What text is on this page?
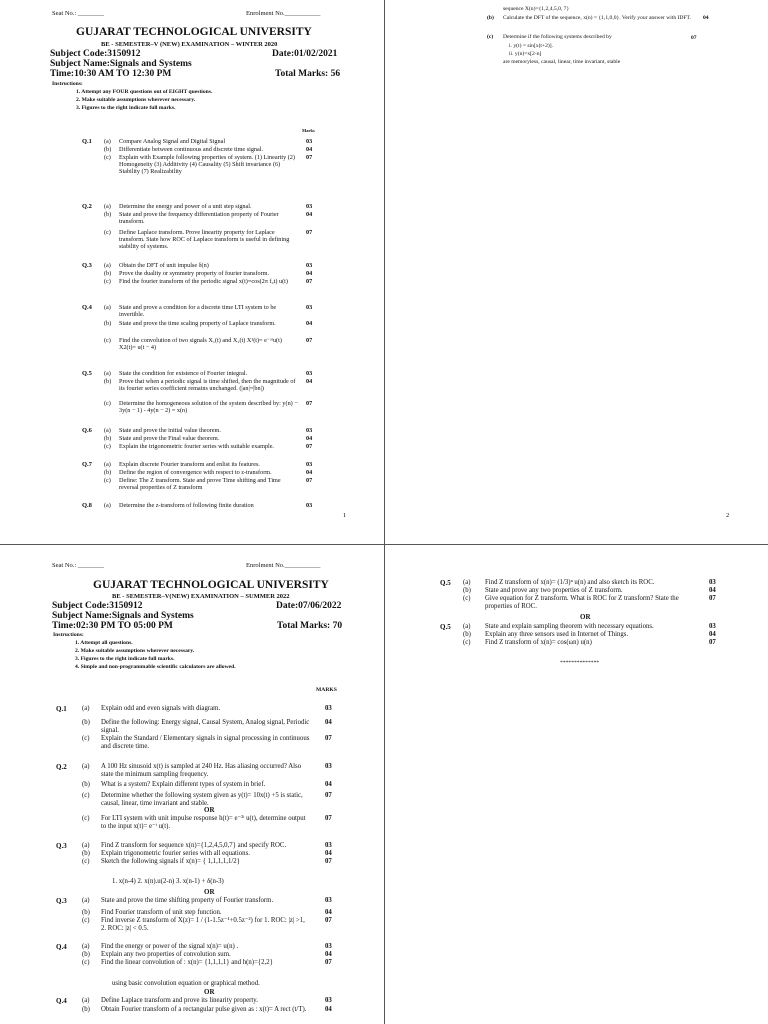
Seat No.: ________	Enrolment No.___________
GUJARAT TECHNOLOGICAL UNIVERSITY
BE - SEMESTER–V (NEW) EXAMINATION – WINTER 2020
Subject Code:3150912	Date:01/02/2021
Subject Name:Signals and Systems
Time:10:30 AM TO 12:30 PM	Total Marks: 56
Instructions:
1. Attempt any FOUR questions out of EIGHT questions.
2. Make suitable assumptions wherever necessary.
3. Figures to the right indicate full marks.
Marks
Q.1 (a) Compare Analog Signal and Digital Signal	03
(b) Differentiate between continuous and discrete time signal.	04
(c) Explain with Example following properties of system. (1) Linearity (2) Homogeneity (3) Additivity (4) Causality (5) Shift invariance (6) Stability (7) Realizability
07
Q.2 (a) Determine the energy and power of a unit step signal.	03
(b) State and prove the frequency differentiation property of Fourier transform.
04
(c) Define Laplace transform. Prove linearity property for Laplace transform. State how ROC of Laplace transform is useful in defining stability of systems.
07
Q.3 (a) Obtain the DFT of unit impulse δ(n)	03
(b) Prove the duality or symmetry property of fourier transform.	04
(c) Find the fourier transform of the periodic signal x(t)=cos(2π f₀t) u(t)	07
Q.4 (a) State and prove a condition for a discrete time LTI system to be invertible.
03
(b) State and prove the time scaling property of Laplace transform.	04
(c) Find the convolution of two signals X₁(t) and X₂(t) X¹(t)= e⁻ᵃᵗu(t) X2(t)= u(t − 4)
07
Q.5 (a) State the condition for existence of Fourier integral.	03
(b) Prove that when a periodic signal is time shifted, then the magnitude of its fourier series coefficient remains unchanged. (|an|=|bn|)
04
(c) Determine the homogeneous solution of the system described by: y(n) − 3y(n − 1) - 4y(n − 2) = x(n)
07
Q.6 (a) State and prove the initial value theorem.	03
(b) State and prove the Final value theorem.	04
(c) Explain the trigonometric fourier series with suitable example.	07
Q.7 (a) Explain discrete Fourier transform and enlist its features.	03
(b) Define the region of convergence with respect to z-transform.	04
(c) Define: The Z transform. State and prove Time shifting and Time reversal properties of Z transform
07
Q.8 (a) Determine the z-transform of following finite duration	03
1
sequence X(n)={1,2,4,5,0, 7}
(b) Calculate the DFT of the sequence, x(n) = {1,1,0,0}. Verify your answer with IDFT.	04
(c) Determine if the following systems described by	07
i. y(t) = sin[x(t+2)].
ii. y(n)=x[2-n]
are memoryless, causal, linear, time invariant, stable
2
Seat No.: ________	Enrolment No.___________
GUJARAT TECHNOLOGICAL UNIVERSITY
BE - SEMESTER–V(NEW) EXAMINATION – SUMMER 2022
Subject Code:3150912	Date:07/06/2022
Subject Name:Signals and Systems
Time:02:30 PM TO 05:00 PM	Total Marks: 70
Instructions:
1. Attempt all questions.
2. Make suitable assumptions wherever necessary.
3. Figures to the right indicate full marks.
4. Simple and non-programmable scientific calculators are allowed.
MARKS
Q.1 (a) Explain odd and even signals with diagram.	03
(b) Define the following: Energy signal, Causal System, Analog signal, Periodic signal.
04
(c) Explain the Standard / Elementary signals in signal processing in continuous and discrete time.
07
Q.2 (a) A 100 Hz sinusoid x(t) is sampled at 240 Hz. Has aliasing occurred? Also state the minimum sampling frequency.
03
(b) What is a system? Explain different types of system in brief.	04
(c) Determine whether the following system given as y(t)= 10x(t) +5 is static, causal, linear, time invariant and stable.
07
OR
(c) For LTI system with unit impulse response h(t)= e⁻²ᵗ u(t), determine output to the input x(t)= e⁻ᵗ u(t).
07
Q.3 (a) Find Z transform for sequence x(n)={1,2,4,5,0,7} and specify ROC.	03
(b) Explain trigonometric fourier series with all equations.	04
(c) Sketch the following signals if x(n)= { 1,1,1,1,1/2}	07
1. x(n-4) 2. x(n).u(2-n) 3. x(n-1) + δ(n-3)
OR
Q.3 (a) State and prove the time shifting property of Fourier transform.	03
(b) Find Fourier transform of unit step function.	04
(c) Find inverse Z transform of X(z)= 1 / (1-1.5z⁻¹+0.5z⁻²) for 1. ROC: |z| >1, 2. ROC: |z| < 0.5.
07
Q.4 (a) Find the energy or power of the signal x(n)= u(n) .	03
(b) Explain any two properties of convolution sum.	04
(c) Find the linear convolution of : x(n)= {1,1,1,1} and h(n)={2,2}	07
using basic convolution equation or graphical method.
OR
Q.4 (a) Define Laplace transform and prove its linearity property.	03
(b) Obtain Fourier transform of a rectangular pulse given as : x(t)= A rect (t/T).	04
Q.5 (a) Find Z transform of x(n)= (1/3)ⁿ u(n) and also sketch its ROC.	03
(b) State and prove any two properties of Z transform.	04
(c) Give equation for Z transform. What is ROC for Z transform? State the properties of ROC.
07
Q.5 (a) State and explain sampling theorem with necessary equations.	03
(b) Explain any three sensors used in Internet of Things.	04
(c) Find Z transform of x(n)= cos(ωn) u(n)	07
OR
**************
